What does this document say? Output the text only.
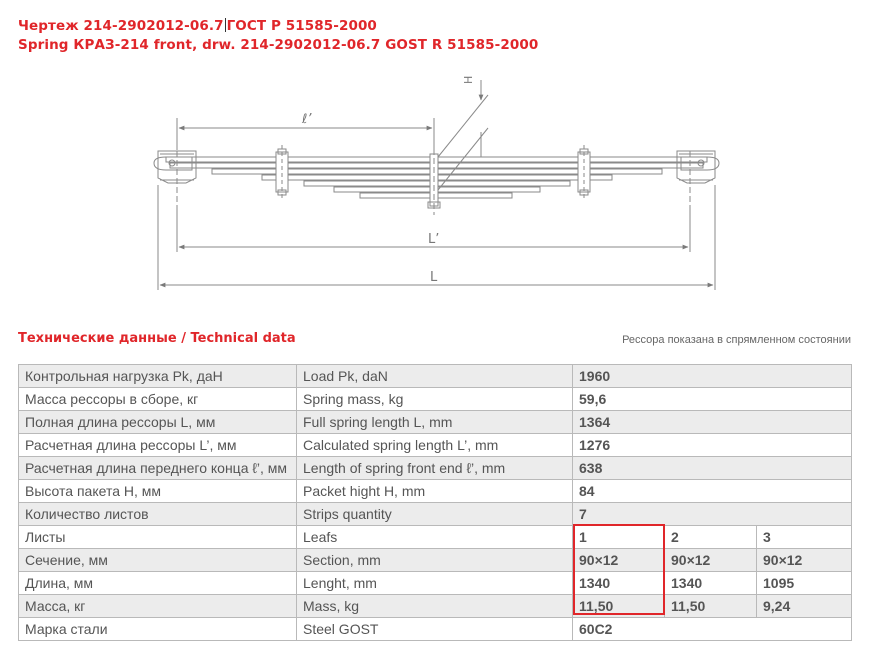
Чертеж 214-2902012-06.7 ГОСТ Р 51585-2000
Spring КРАЗ-214 front, drw. 214-2902012-06.7 GOST R 51585-2000
H
ℓ’
L’
L
Технические данные / Technical data	Рессора показана в спрямленном состоянии
Контрольная нагрузка Pk, даН	Load Pk, daN	1960		
Масса рессоры в сборе, кг	Spring mass, kg	59,6		
Полная длина рессоры L, мм	Full spring length L, mm	1364		
Расчетная длина рессоры L’, мм	Calculated spring length L’, mm	1276		
Расчетная длина переднего конца ℓ’, мм	Length of spring front end ℓ’, mm	638		
Высота пакета H, мм	Packet hight H, mm	84		
Количество листов	Strips quantity	7		
Листы	Leafs	1	2	3
Сечение, мм	Section, mm	90×12	90×12	90×12
Длина, мм	Lenght, mm	1340	1340	1095
Масса, кг	Mass, kg	11,50	11,50	9,24
Марка стали	Steel GOST	60С2		
